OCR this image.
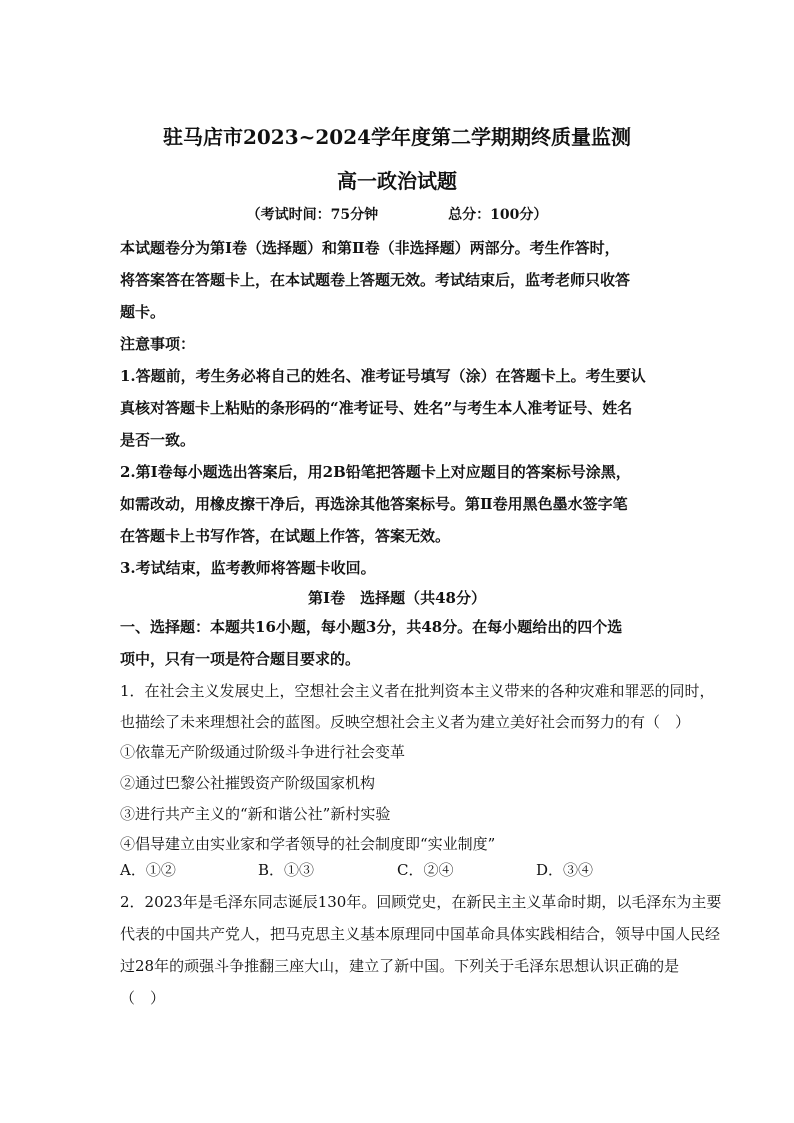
驻马店市2023~2024学年度第二学期期终质量监测
高一政治试题
（考试时间：75分钟	总分：100分）
本试题卷分为第Ⅰ卷（选择题）和第Ⅱ卷（非选择题）两部分。考生作答时，
将答案答在答题卡上，在本试题卷上答题无效。考试结束后，监考老师只收答
题卡。
注意事项：
1.答题前，考生务必将自己的姓名、准考证号填写（涂）在答题卡上。考生要认
真核对答题卡上粘贴的条形码的“准考证号、姓名”与考生本人准考证号、姓名
是否一致。
2.第Ⅰ卷每小题选出答案后，用2B铅笔把答题卡上对应题目的答案标号涂黑，
如需改动，用橡皮擦干净后，再选涂其他答案标号。第Ⅱ卷用黑色墨水签字笔
在答题卡上书写作答，在试题上作答，答案无效。
3.考试结束，监考教师将答题卡收回。
第Ⅰ卷　选择题（共48分）
一、选择题：本题共16小题，每小题3分，共48分。在每小题给出的四个选
项中，只有一项是符合题目要求的。
1．在社会主义发展史上，空想社会主义者在批判资本主义带来的各种灾难和罪恶的同时，
也描绘了未来理想社会的蓝图。反映空想社会主义者为建立美好社会而努力的有（　）
①依靠无产阶级通过阶级斗争进行社会变革
②通过巴黎公社摧毁资产阶级国家机构
③进行共产主义的“新和谐公社”新村实验
④倡导建立由实业家和学者领导的社会制度即“实业制度”
A．①②	B．①③	C．②④	D．③④
2．2023年是毛泽东同志诞辰130年。回顾党史，在新民主主义革命时期，以毛泽东为主要
代表的中国共产党人，把马克思主义基本原理同中国革命具体实践相结合，领导中国人民经
过28年的顽强斗争推翻三座大山，建立了新中国。下列关于毛泽东思想认识正确的是
（　）
